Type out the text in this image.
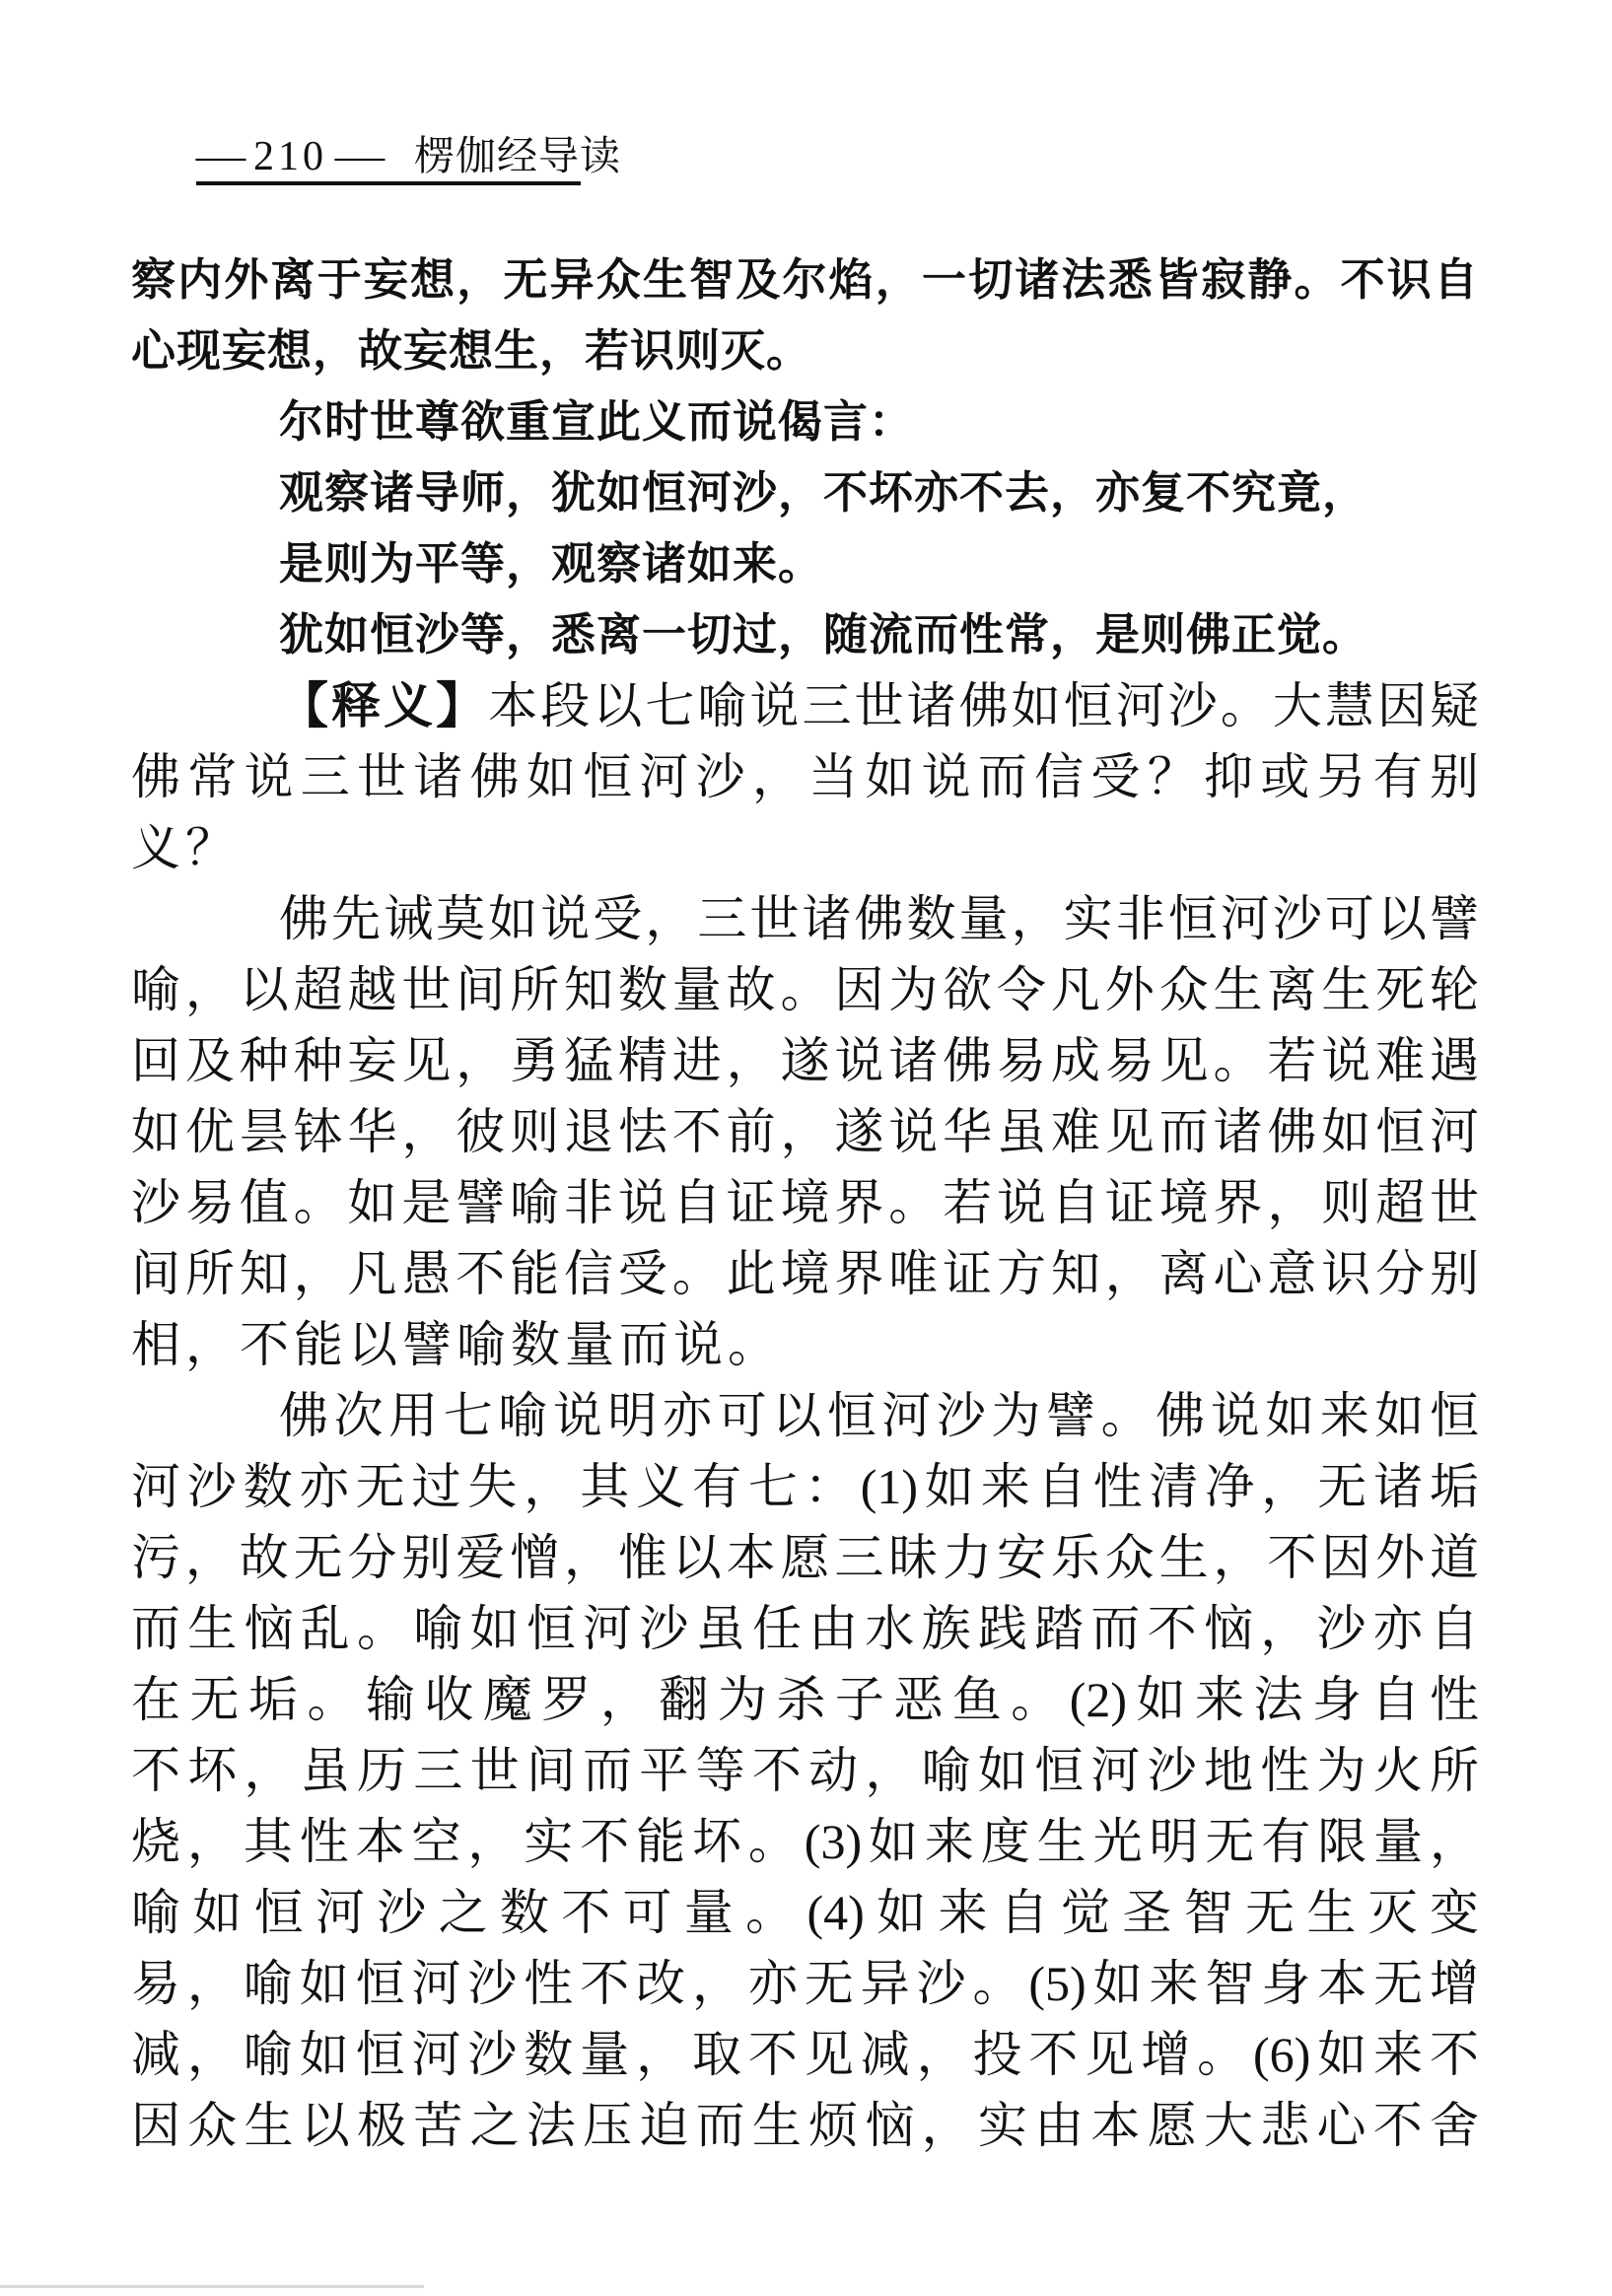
— 210 — 楞伽经导读
察内外离于妄想，无异众生智及尔焰，一切诸法悉皆寂静。不识自
心现妄想，故妄想生，若识则灭。
尔时世尊欲重宣此义而说偈言：
观察诸导师，犹如恒河沙，不坏亦不去，亦复不究竟，
是则为平等，观察诸如来。
犹如恒沙等，悉离一切过，随流而性常，是则佛正觉。
【释义】本段以七喻说三世诸佛如恒河沙。大慧因疑
佛常说三世诸佛如恒河沙，当如说而信受？抑或另有别
义？
佛先诫莫如说受，三世诸佛数量，实非恒河沙可以譬
喻，以超越世间所知数量故。因为欲令凡外众生离生死轮
回及种种妄见，勇猛精进，遂说诸佛易成易见。若说难遇
如优昙钵华，彼则退怯不前，遂说华虽难见而诸佛如恒河
沙易值。如是譬喻非说自证境界。若说自证境界，则超世
间所知，凡愚不能信受。此境界唯证方知，离心意识分别
相，不能以譬喻数量而说。
佛次用七喻说明亦可以恒河沙为譬。佛说如来如恒
河沙数亦无过失，其义有七：(1)如来自性清净，无诸垢
污，故无分别爱憎，惟以本愿三昧力安乐众生，不因外道
而生恼乱。喻如恒河沙虽任由水族践踏而不恼，沙亦自
在无垢。输收魔罗，翻为杀子恶鱼。(2)如来法身自性
不坏，虽历三世间而平等不动，喻如恒河沙地性为火所
烧，其性本空，实不能坏。(3)如来度生光明无有限量，
喻如恒河沙之数不可量。(4)如来自觉圣智无生灭变
易，喻如恒河沙性不改，亦无异沙。(5)如来智身本无增
减，喻如恒河沙数量，取不见减，投不见增。(6)如来不
因众生以极苦之法压迫而生烦恼，实由本愿大悲心不舍
